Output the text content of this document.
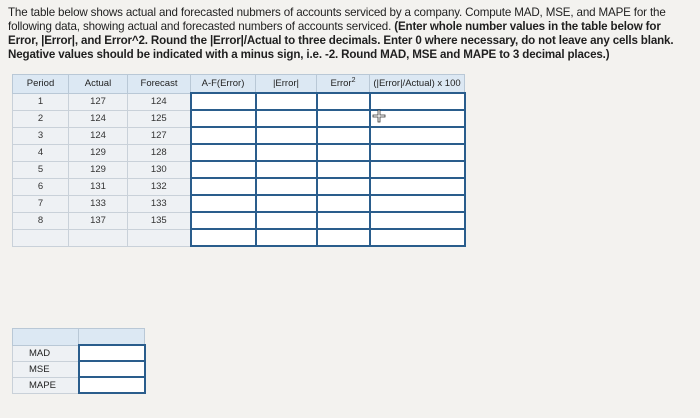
The table below shows actual and forecasted nubmers of accounts serviced by a company. Compute MAD, MSE, and MAPE for the following data, showing actual and forecasted numbers of accounts serviced. (Enter whole number values in the table below for Error, |Error|, and Error^2. Round the |Error|/Actual to three decimals. Enter 0 where necessary, do not leave any cells blank. Negative values should be indicated with a minus sign, i.e. -2. Round MAD, MSE and MAPE to 3 decimal places.)
Period	Actual	Forecast	A-F(Error)	|Error|	Error$^2$	(|Error|/Actual) x 100
1	127	124				
2	124	125				
3	124	127				
4	129	128				
5	129	130				
6	131	132				
7	133	133				
8	137	135				

MAD	
MSE	
MAPE	
